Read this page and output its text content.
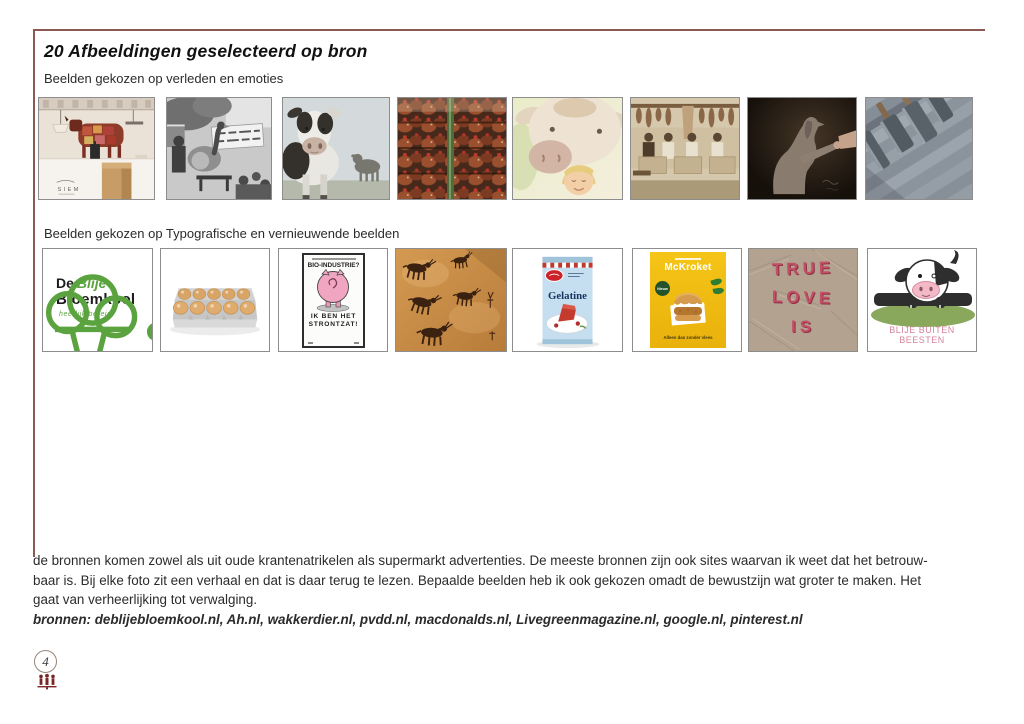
20 Afbeeldingen geselecteerd op bron
Beelden gekozen op verleden en emoties
Beelden gekozen op Typografische en vernieuwende beelden
SIEM
De Blije
Bloemkool
heerlijk bereid
BIO-INDUSTRIE?
IK BEN HET
STRONTZAT!
Gelatine
McKroket
Nieuw
Alleen dan zonder vlees
TRUE
LOVE
IS	BLIJE BUITEN BEESTEN
de bronnen komen zowel als uit oude krantenatrikelen als supermarkt advertenties. De meeste bronnen zijn ook sites waarvan ik weet dat het betrouw-
baar is. Bij elke foto zit een verhaal en dat is daar terug te lezen. Bepaalde beelden heb ik ook gekozen omadt de bewustzijn wat groter te maken. Het
gaat van verheerlijking tot verwalging.
bronnen: deblijebloemkool.nl, Ah.nl, wakkerdier.nl, pvdd.nl, macdonalds.nl, Livegreenmagazine.nl, google.nl, pinterest.nl
4
